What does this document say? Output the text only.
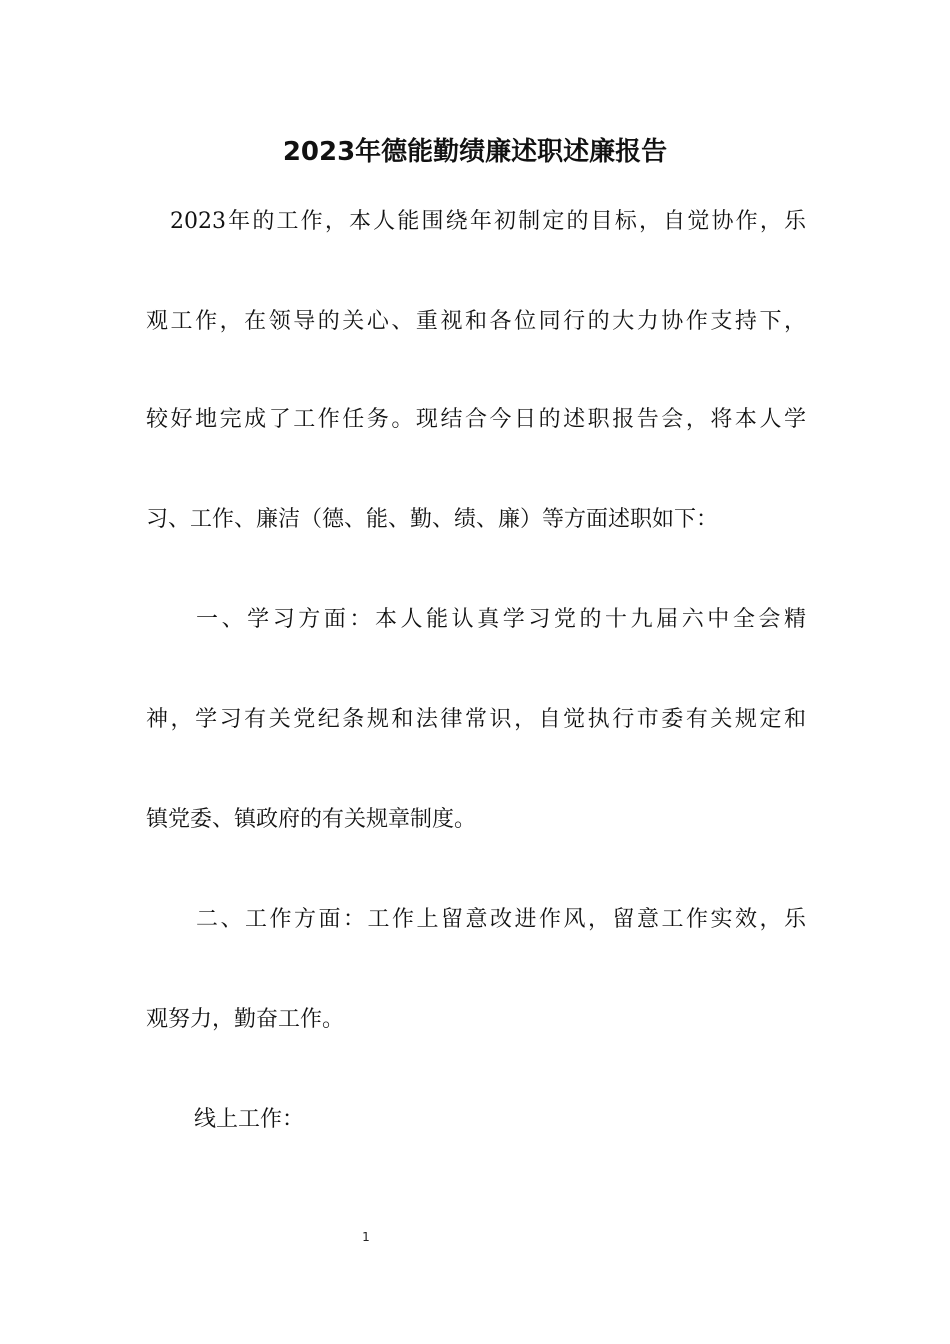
2023年德能勤绩廉述职述廉报告

2023年的工作，本人能围绕年初制定的目标，自觉协作，乐

观工作，在领导的关心、重视和各位同行的大力协作支持下，

较好地完成了工作任务。现结合今日的述职报告会，将本人学

习、工作、廉洁（德、能、勤、绩、廉）等方面述职如下：

一、学习方面：本人能认真学习党的十九届六中全会精

神，学习有关党纪条规和法律常识，自觉执行市委有关规定和

镇党委、镇政府的有关规章制度。

二、工作方面：工作上留意改进作风，留意工作实效，乐

观努力，勤奋工作。

线上工作：

1
